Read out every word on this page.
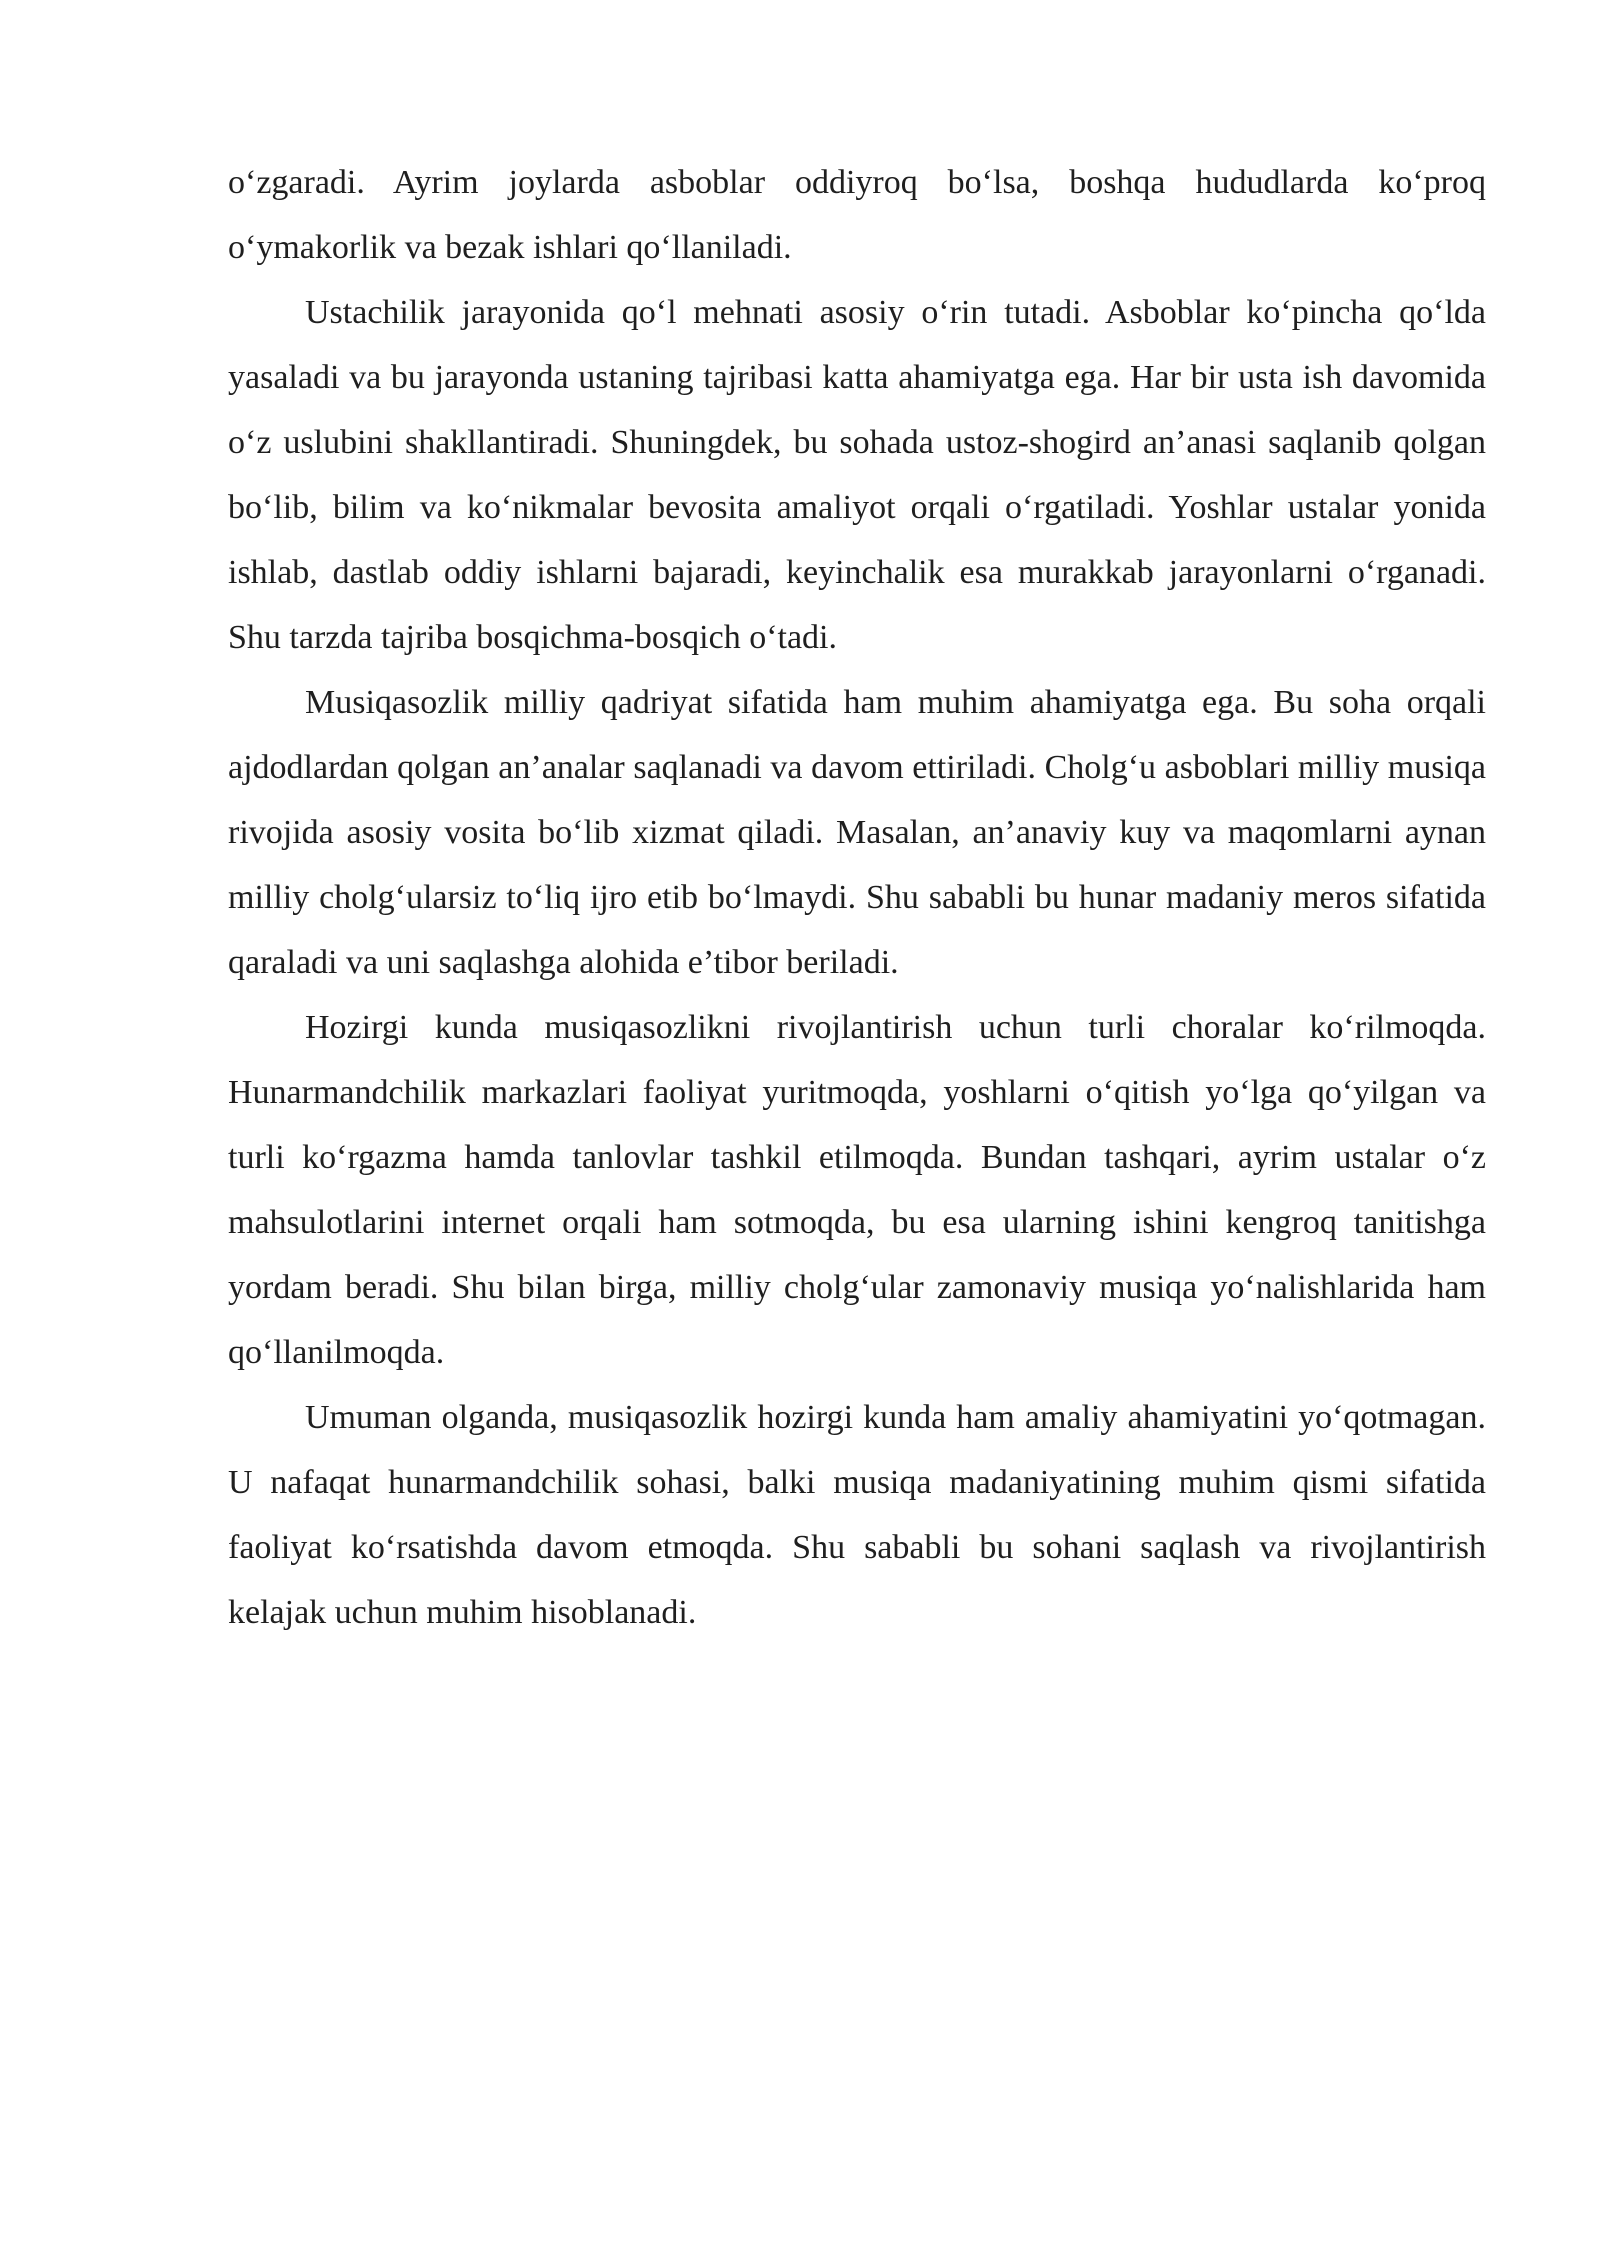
o‘zgaradi. Ayrim joylarda asboblar oddiyroq bo‘lsa, boshqa hududlarda ko‘proq o‘ymakorlik va bezak ishlari qo‘llaniladi.

Ustachilik jarayonida qo‘l mehnati asosiy o‘rin tutadi. Asboblar ko‘pincha qo‘lda yasaladi va bu jarayonda ustaning tajribasi katta ahamiyatga ega. Har bir usta ish davomida o‘z uslubini shakllantiradi. Shuningdek, bu sohada ustoz-shogird an’anasi saqlanib qolgan bo‘lib, bilim va ko‘nikmalar bevosita amaliyot orqali o‘rgatiladi. Yoshlar ustalar yonida ishlab, dastlab oddiy ishlarni bajaradi, keyinchalik esa murakkab jarayonlarni o‘rganadi. Shu tarzda tajriba bosqichma-bosqich o‘tadi.

Musiqasozlik milliy qadriyat sifatida ham muhim ahamiyatga ega. Bu soha orqali ajdodlardan qolgan an’analar saqlanadi va davom ettiriladi. Cholg‘u asboblari milliy musiqa rivojida asosiy vosita bo‘lib xizmat qiladi. Masalan, an’anaviy kuy va maqomlarni aynan milliy cholg‘ularsiz to‘liq ijro etib bo‘lmaydi. Shu sababli bu hunar madaniy meros sifatida qaraladi va uni saqlashga alohida e’tibor beriladi.

Hozirgi kunda musiqasozlikni rivojlantirish uchun turli choralar ko‘rilmoqda. Hunarmandchilik markazlari faoliyat yuritmoqda, yoshlarni o‘qitish yo‘lga qo‘yilgan va turli ko‘rgazma hamda tanlovlar tashkil etilmoqda. Bundan tashqari, ayrim ustalar o‘z mahsulotlarini internet orqali ham sotmoqda, bu esa ularning ishini kengroq tanitishga yordam beradi. Shu bilan birga, milliy cholg‘ular zamonaviy musiqa yo‘nalishlarida ham qo‘llanilmoqda.

Umuman olganda, musiqasozlik hozirgi kunda ham amaliy ahamiyatini yo‘qotmagan. U nafaqat hunarmandchilik sohasi, balki musiqa madaniyatining muhim qismi sifatida faoliyat ko‘rsatishda davom etmoqda. Shu sababli bu sohani saqlash va rivojlantirish kelajak uchun muhim hisoblanadi.
